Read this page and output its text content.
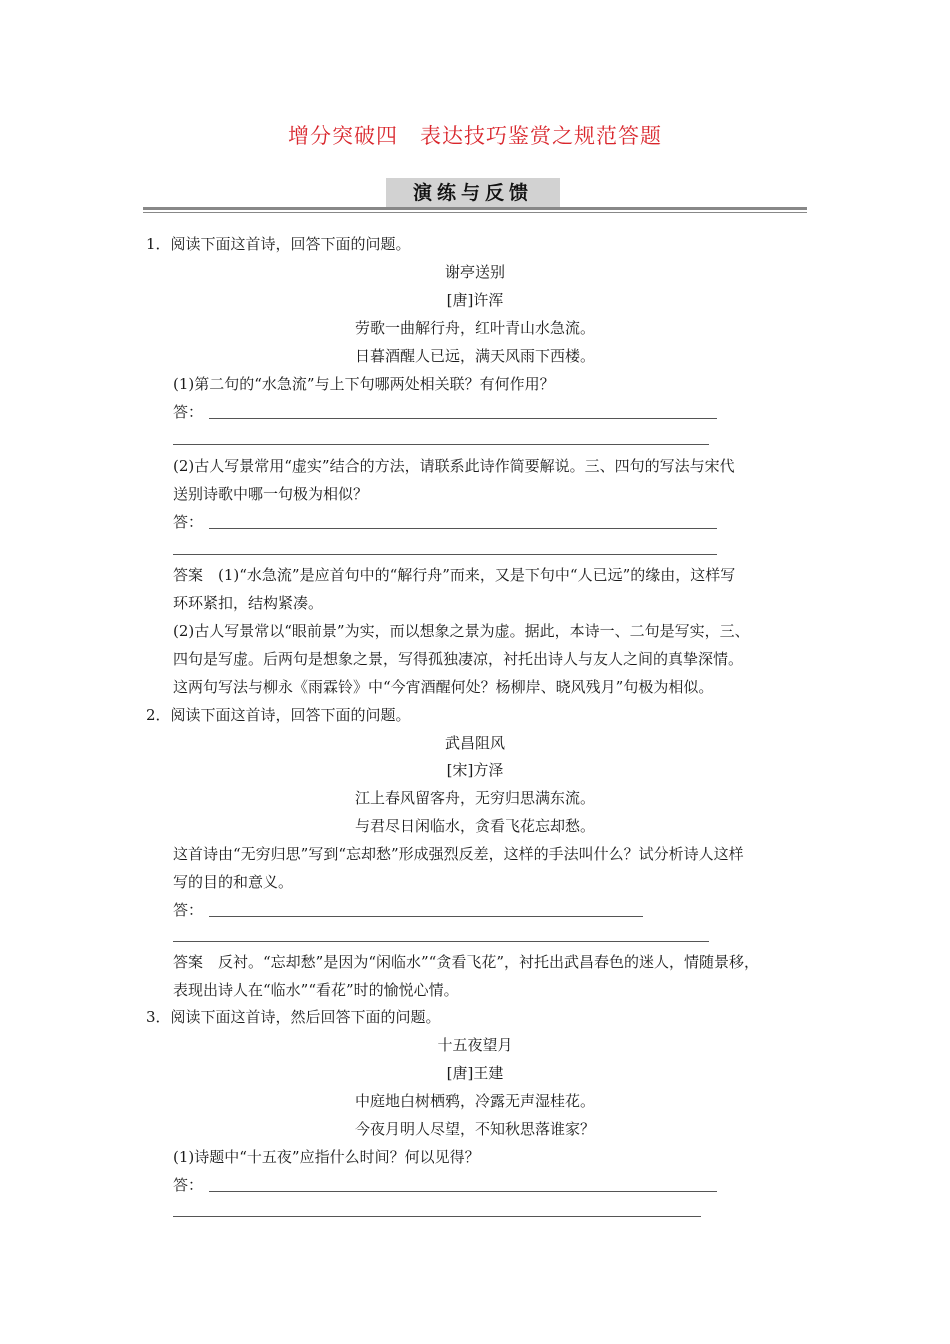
增分突破四　表达技巧鉴赏之规范答题
演练与反馈
1．阅读下面这首诗，回答下面的问题。
谢亭送别
[唐]许浑
劳歌一曲解行舟，红叶青山水急流。
日暮酒醒人已远，满天风雨下西楼。
(1)第二句的“水急流”与上下句哪两处相关联？有何作用？
答：
(2)古人写景常用“虚实”结合的方法，请联系此诗作简要解说。三、四句的写法与宋代
送别诗歌中哪一句极为相似？
答：
答案　(1)“水急流”是应首句中的“解行舟”而来，又是下句中“人已远”的缘由，这样写
环环紧扣，结构紧凑。
(2)古人写景常以“眼前景”为实，而以想象之景为虚。据此，本诗一、二句是写实，三、
四句是写虚。后两句是想象之景，写得孤独凄凉，衬托出诗人与友人之间的真挚深情。
这两句写法与柳永《雨霖铃》中“今宵酒醒何处？杨柳岸、晓风残月”句极为相似。
2．阅读下面这首诗，回答下面的问题。
武昌阻风
[宋]方泽
江上春风留客舟，无穷归思满东流。
与君尽日闲临水，贪看飞花忘却愁。
这首诗由“无穷归思”写到“忘却愁”形成强烈反差，这样的手法叫什么？试分析诗人这样
写的目的和意义。
答：
答案　反衬。“忘却愁”是因为“闲临水”“贪看飞花”，衬托出武昌春色的迷人，情随景移，
表现出诗人在“临水”“看花”时的愉悦心情。
3．阅读下面这首诗，然后回答下面的问题。
十五夜望月
[唐]王建
中庭地白树栖鸦，冷露无声湿桂花。
今夜月明人尽望，不知秋思落谁家？
(1)诗题中“十五夜”应指什么时间？何以见得？
答：
